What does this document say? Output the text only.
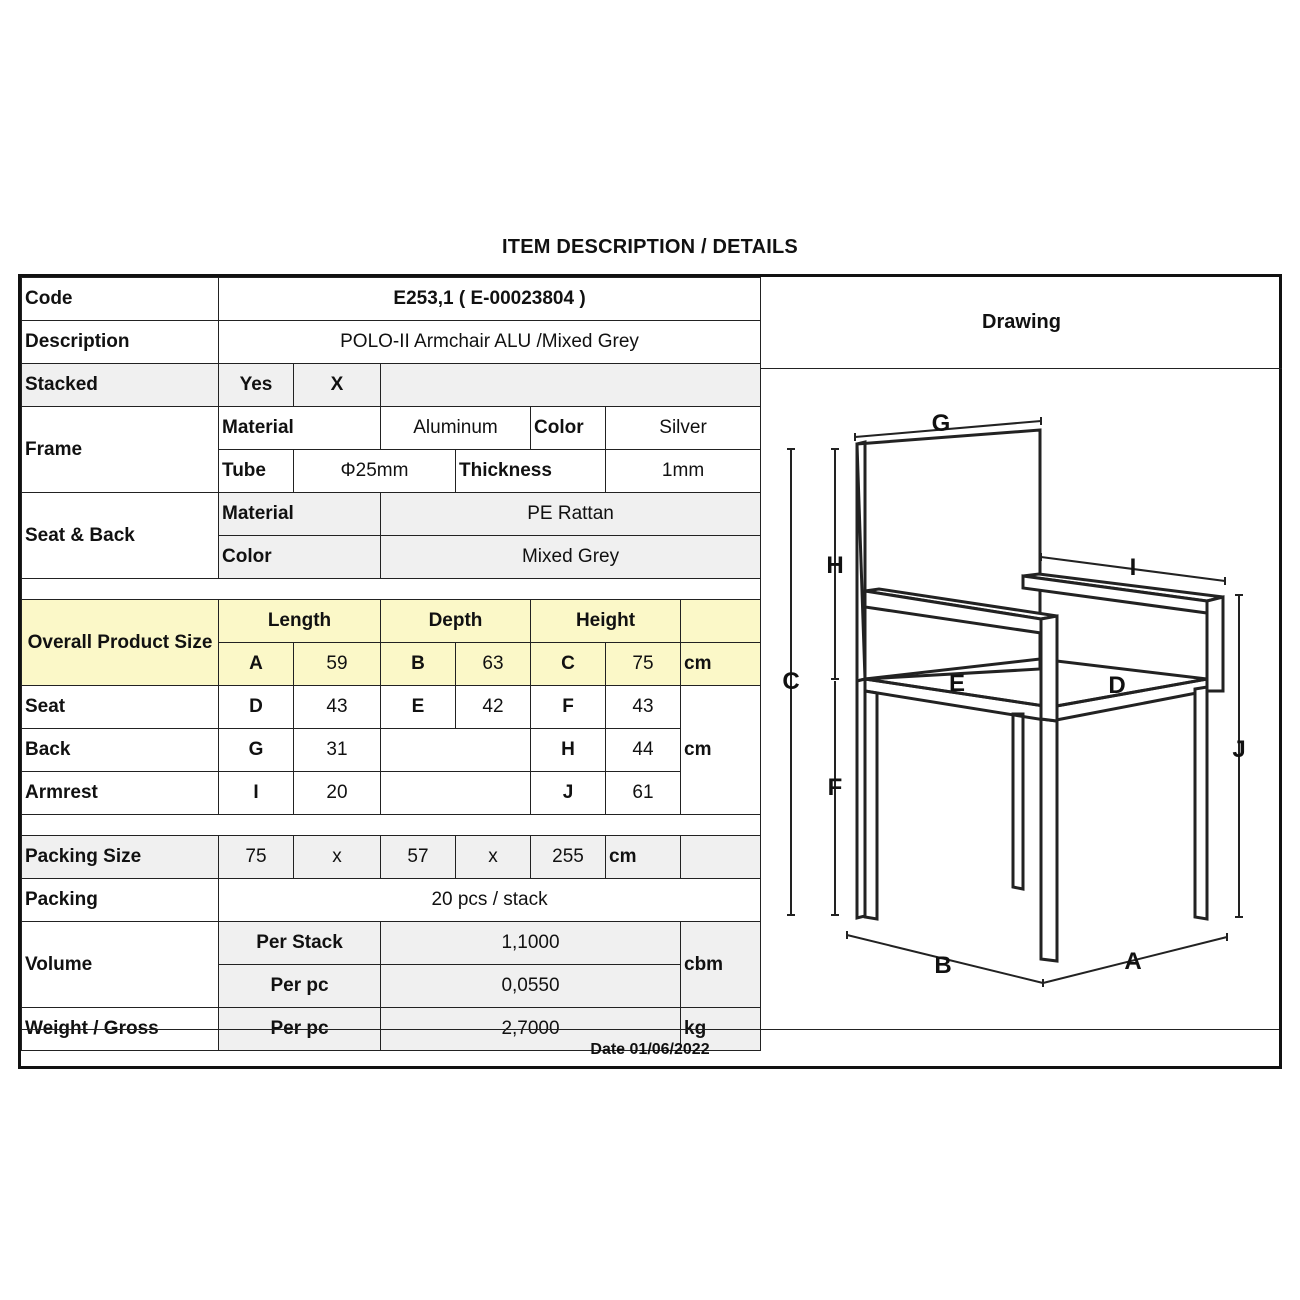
ITEM DESCRIPTION / DETAILS
Code	E253,1 ( E-00023804 )						
Description	POLO-II Armchair ALU /Mixed Grey						
Stacked	Yes	X					
Frame	Material		Aluminum		Color	Silver	
	Tube	Φ25mm		Thickness		1mm	
Seat & Back	Material		PE Rattan				
	Color		Mixed Grey				

Overall Product Size	Length		Depth		Height		
	A	59	B	63	C	75	cm
Seat	D	43	E	42	F	43	cm
Back	G	31			H	44	
Armrest	I	20			J	61	

Packing Size	75	x	57	x	255	cm	
Packing	20 pcs / stack						
Volume	Per Stack		1,1000				cbm
	Per pc		0,0550				
Weight / Gross	Per pc		2,7000				kg
Drawing
G
H
C
F
E	D
I
J
B	A
Date 01/06/2022
